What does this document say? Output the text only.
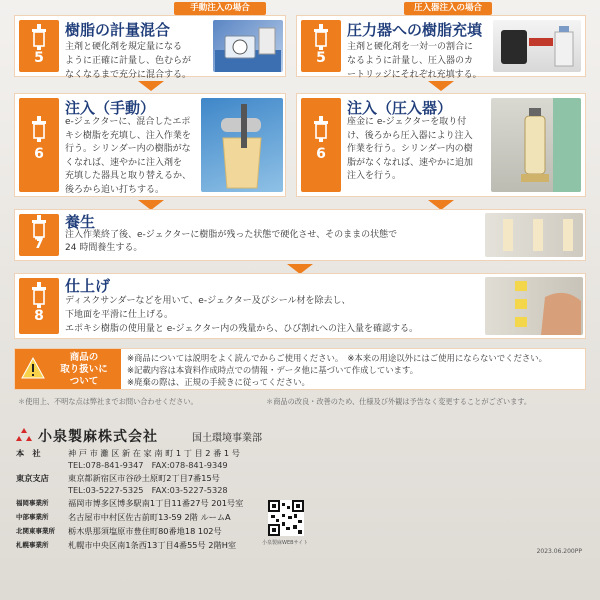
手動注入の場合	圧入器注入の場合
5
樹脂の計量混合
主剤と硬化剤を規定量になる
ように正確に計量し、色むらが
なくなるまで充分に混合する。
5
圧力器への樹脂充填
主剤と硬化剤を一対一の割合に
なるように計量し、圧入器のカ
ートリッジにそれぞれ充填する。
6
注入（手動）
e-ジェクターに、混合したエポ
キシ樹脂を充填し、注入作業を
行う。シリンダー内の樹脂がな
くなれば、速やかに注入剤を
充填した器具と取り替えるか、
後ろから追い打ちする。
6
注入（圧入器）
座金に e-ジェクターを取り付
け、後ろから圧入器により注入
作業を行う。シリンダー内の樹
脂がなくなれば、速やかに追加
注入を行う。
7
養生
注入作業終了後、e-ジェクターに樹脂が残った状態で硬化させ、そのままの状態で
24 時間養生する。
8
仕上げ
ディスクサンダーなどを用いて、e-ジェクター及びシール材を除去し、
下地面を平滑に仕上げる。
エポキシ樹脂の使用量と e-ジェクター内の残量から、ひび割れへの注入量を確認する。
商品の
取り扱いに
ついて
※商品については説明をよく読んでからご使用ください。　※本来の用途以外にはご使用にならないでください。
※記載内容は本資料作成時点での情報・データ他に基づいて作成しています。
※廃棄の際は、正規の手続きに従ってください。
＊使用上、不明な点は弊社までお問い合わせください。	＊商品の改良・改善のため、仕様及び外観は予告なく変更することがございます。
小泉製麻株式会社	国土環境事業部
本　社	神 戸 市 灘 区 新 在 家 南 町 1 丁 目 2 番 1 号
TEL:078-841-9347　FAX:078-841-9349
東京支店 東京都新宿区市谷砂土原町2丁目7番15号
TEL:03-5227-5325　FAX:03-5227-5328
福岡事業所 福岡市博多区博多駅南1丁目11番27号 201号室
中部事業所 名古屋市中村区佐古前町13-59 2階 ルームA
北関東事業所 栃木県那須塩原市豊住町80番地18 102号
札幌事業所 札幌市中央区南1条西13丁目4番55号 2階H室	小泉製麻WEBサイト
2023.06.200PP
